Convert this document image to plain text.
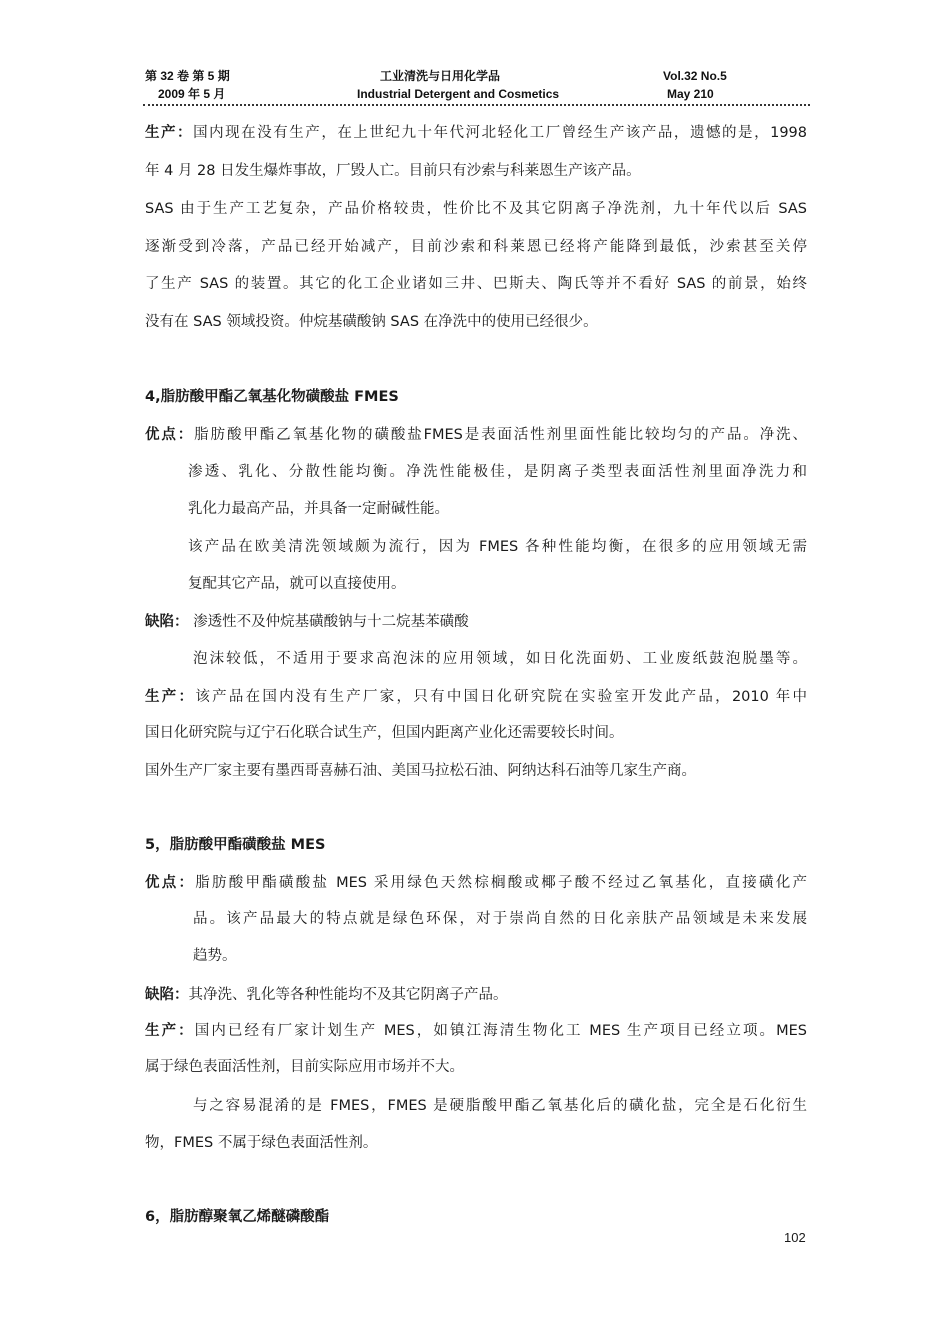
第 32 卷 第 5 期
2009 年 5 月
工业清洗与日用化学品
Industrial Detergent and Cosmetics
Vol.32 No.5
May 210
生产：国内现在没有生产，在上世纪九十年代河北轻化工厂曾经生产该产品，遗憾的是，1998
年 4 月 28 日发生爆炸事故，厂毁人亡。目前只有沙索与科莱恩生产该产品。
SAS 由于生产工艺复杂，产品价格较贵，性价比不及其它阴离子净洗剂，九十年代以后 SAS
逐渐受到冷落，产品已经开始减产，目前沙索和科莱恩已经将产能降到最低，沙索甚至关停
了生产 SAS 的装置。其它的化工企业诸如三井、巴斯夫、陶氏等并不看好 SAS 的前景，始终
没有在 SAS 领域投资。仲烷基磺酸钠 SAS 在净洗中的使用已经很少。
4,脂肪酸甲酯乙氧基化物磺酸盐 FMES
优点：脂肪酸甲酯乙氧基化物的磺酸盐FMES是表面活性剂里面性能比较均匀的产品。净洗、
渗透、乳化、分散性能均衡。净洗性能极佳，是阴离子类型表面活性剂里面净洗力和
乳化力最高产品，并具备一定耐碱性能。
该产品在欧美清洗领域颇为流行，因为 FMES 各种性能均衡，在很多的应用领域无需
复配其它产品，就可以直接使用。
缺陷： 渗透性不及仲烷基磺酸钠与十二烷基苯磺酸
泡沫较低，不适用于要求高泡沫的应用领域，如日化洗面奶、工业废纸鼓泡脱墨等。
生产：该产品在国内没有生产厂家，只有中国日化研究院在实验室开发此产品，2010 年中
国日化研究院与辽宁石化联合试生产，但国内距离产业化还需要较长时间。
国外生产厂家主要有墨西哥喜赫石油、美国马拉松石油、阿纳达科石油等几家生产商。
5，脂肪酸甲酯磺酸盐 MES
优点：脂肪酸甲酯磺酸盐 MES 采用绿色天然棕榈酸或椰子酸不经过乙氧基化，直接磺化产
品。该产品最大的特点就是绿色环保，对于崇尚自然的日化亲肤产品领域是未来发展
趋势。
缺陷：其净洗、乳化等各种性能均不及其它阴离子产品。
生产：国内已经有厂家计划生产 MES，如镇江海清生物化工 MES 生产项目已经立项。MES
属于绿色表面活性剂，目前实际应用市场并不大。
与之容易混淆的是 FMES，FMES 是硬脂酸甲酯乙氧基化后的磺化盐，完全是石化衍生
物，FMES 不属于绿色表面活性剂。
6，脂肪醇聚氧乙烯醚磷酸酯
102
